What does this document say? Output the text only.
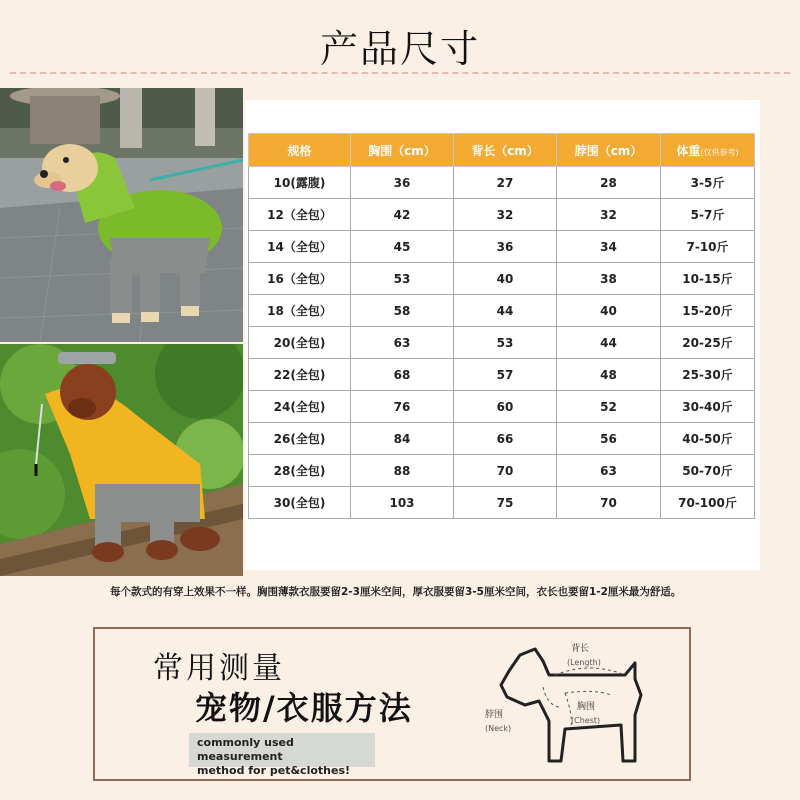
产品尺寸
规格	胸围（cm）	背长（cm）	脖围（cm）	体重(仅供参考)
10(露腹)	36	27	28	3-5斤
12（全包）	42	32	32	5-7斤
14（全包）	45	36	34	7-10斤
16（全包）	53	40	38	10-15斤
18（全包）	58	44	40	15-20斤
20(全包)	63	53	44	20-25斤
22(全包)	68	57	48	25-30斤
24(全包)	76	60	52	30-40斤
26(全包)	84	66	56	40-50斤
28(全包)	88	70	63	50-70斤
30(全包)	103	75	70	70-100斤
每个款式的有穿上效果不一样。胸围薄款衣服要留2-3厘米空间，厚衣服要留3-5厘米空间，衣长也要留1-2厘米最为舒适。
常用测量
宠物/衣服方法
commonly used measurement
method for pet&clothes!
背长
(Length)
脖围
(Neck)
胸围
(Chest)
